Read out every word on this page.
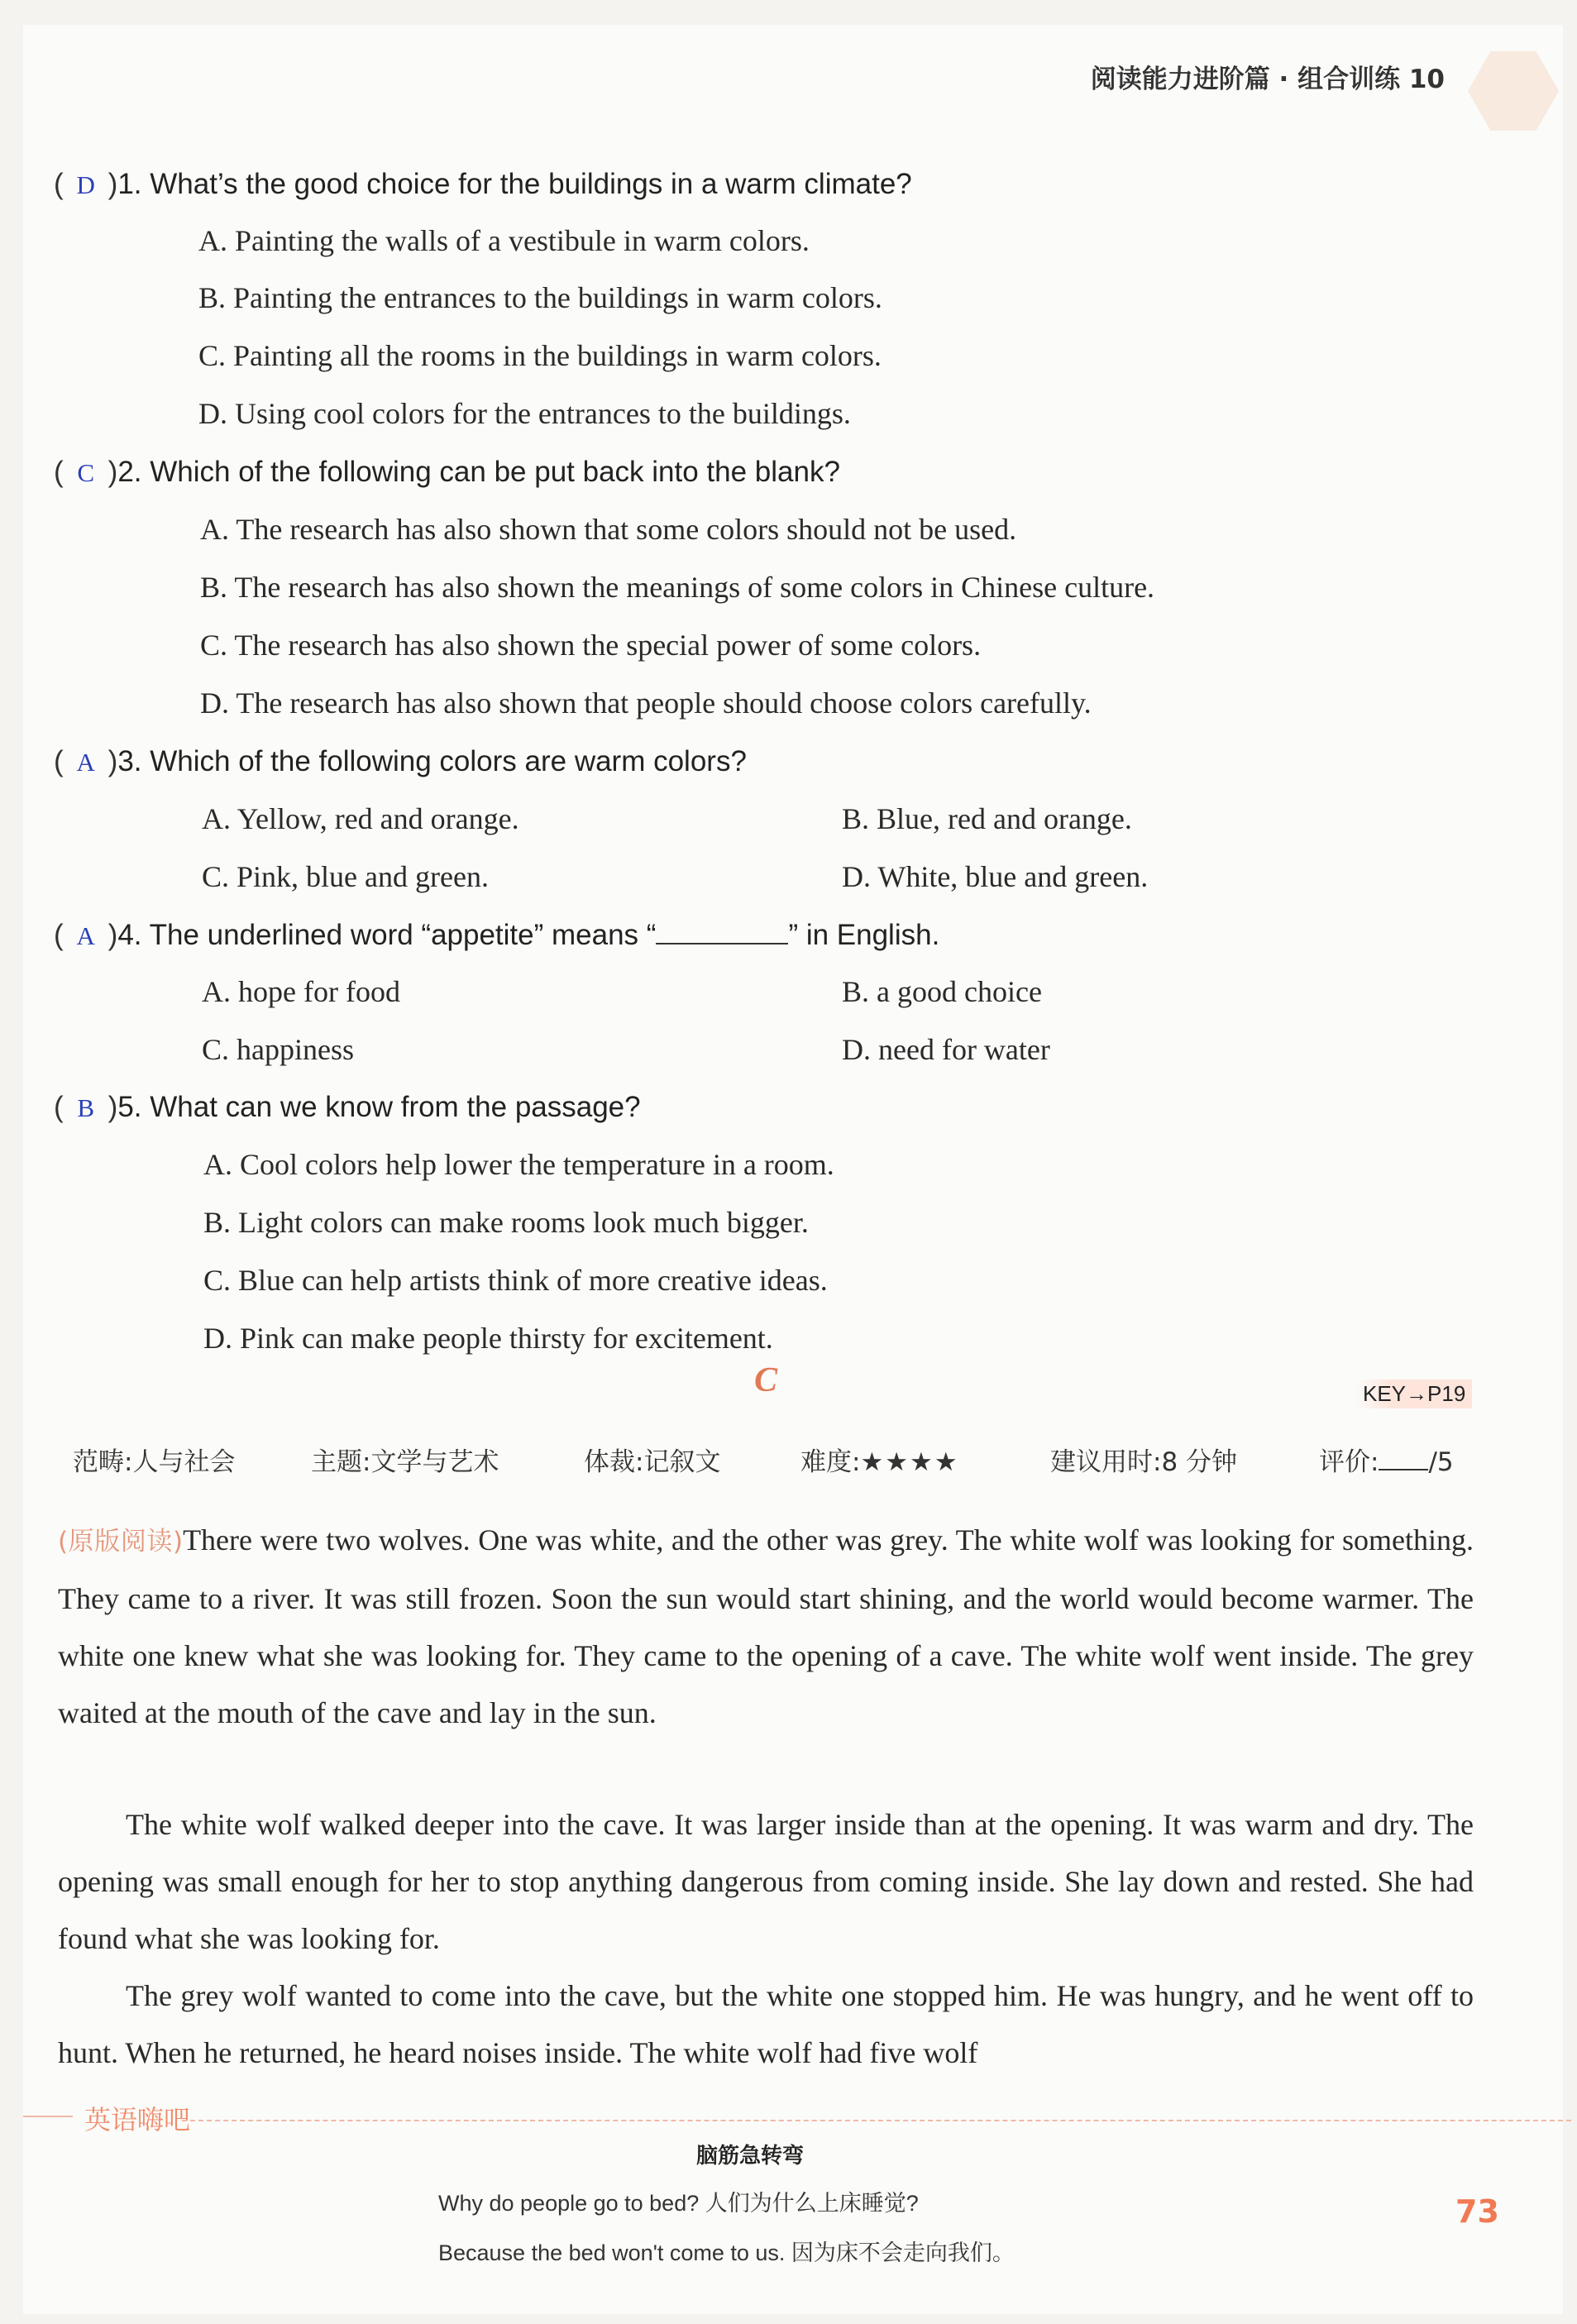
阅读能力进阶篇 · 组合训练 10
( D )1. What’s the good choice for the buildings in a warm climate?
A. Painting the walls of a vestibule in warm colors.
B. Painting the entrances to the buildings in warm colors.
C. Painting all the rooms in the buildings in warm colors.
D. Using cool colors for the entrances to the buildings.
( C )2. Which of the following can be put back into the blank?
A. The research has also shown that some colors should not be used.
B. The research has also shown the meanings of some colors in Chinese culture.
C. The research has also shown the special power of some colors.
D. The research has also shown that people should choose colors carefully.
( A )3. Which of the following colors are warm colors?
A. Yellow, red and orange.	B. Blue, red and orange.
C. Pink, blue and green.	D. White, blue and green.
( A )4. The underlined word “appetite” means “	” in English.
A. hope for food	B. a good choice
C. happiness	D. need for water
( B )5. What can we know from the passage?
A. Cool colors help lower the temperature in a room.
B. Light colors can make rooms look much bigger.
C. Blue can help artists think of more creative ideas.
D. Pink can make people thirsty for excitement.
C	KEY→P19
范畴:人与社会	主题:文学与艺术	体裁:记叙文	难度:★★★★	建议用时:8 分钟	评价: /5
(原版阅读)There were two wolves. One was white, and the other was grey. The white wolf was looking for something. They came to a river. It was still frozen. Soon the sun would start shining, and the world would become warmer. The white one knew what she was looking for. They came to the opening of a cave. The white wolf went inside. The grey waited at the mouth of the cave and lay in the sun.
The white wolf walked deeper into the cave. It was larger inside than at the opening. It was warm and dry. The opening was small enough for her to stop anything dangerous from coming inside. She lay down and rested. She had found what she was looking for.
The grey wolf wanted to come into the cave, but the white one stopped him. He was hungry, and he went off to hunt. When he returned, he heard noises inside. The white wolf had five wolf
英语嗨吧
脑筋急转弯
Why do people go to bed? 人们为什么上床睡觉?
Because the bed won't come to us. 因为床不会走向我们。
73
